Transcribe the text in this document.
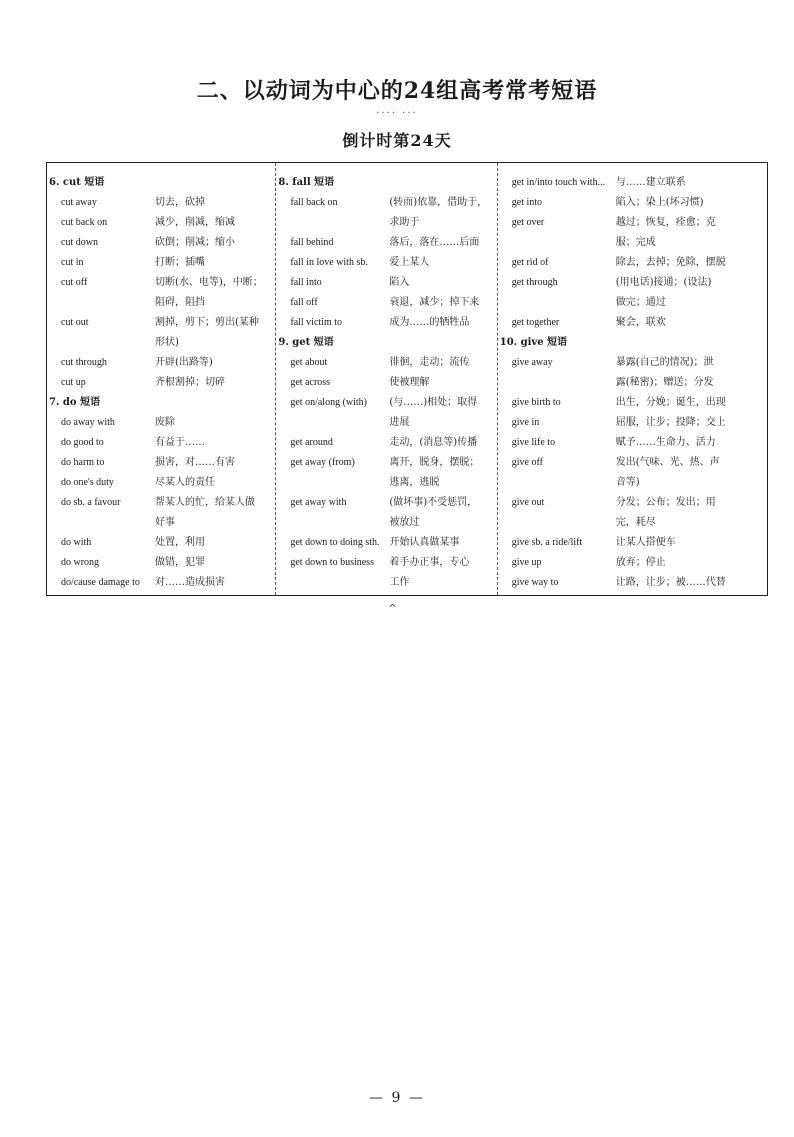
二、以动词为中心的24组高考常考短语
···· ···
倒计时第24天
6. cut 短语
cut away	切去，砍掉
cut back on	减少，削减，缩减
cut down	砍倒；削减；缩小
cut in	打断；插嘴
cut off	切断(水、电等)，中断；
阻碍，阻挡
cut out	割掉，剪下；剪出(某种
形状)
cut through	开辟(出路等)
cut up	齐根割掉；切碎
7. do 短语
do away with	废除
do good to	有益于……
do harm to	损害，对……有害
do one's duty	尽某人的责任
do sb. a favour	帮某人的忙，给某人做
好事
do with	处置，利用
do wrong	做错，犯罪
do/cause damage to	对……造成损害
8. fall 短语
fall back on	(转而)依靠，借助于，
求助于
fall behind	落后，落在……后面
fall in love with sb.	爱上某人
fall into	陷入
fall off	衰退，减少；掉下来
fall victim to	成为……的牺牲品
9. get 短语
get about	徘徊，走动；流传
get across	使被理解
get on/along (with)	(与……)相处；取得
进展
get around	走动，(消息等)传播
get away (from)	离开，脱身，摆脱；
逃离，逃脱
get away with	(做坏事)不受惩罚，
被放过
get down to doing sth. 开始认真做某事
get down to business	着手办正事，专心
工作
get in/into touch with...	与……建立联系
get into	陷入；染上(坏习惯)
get over	越过；恢复，痊愈；克
服；完成
get rid of	除去，去掉；免除，摆脱
get through	(用电话)接通；(设法)
做完；通过
get together	聚会，联欢
10. give 短语
give away	暴露(自己的情况)；泄
露(秘密)；赠送；分发
give birth to	出生，分娩；诞生，出现
give in	屈服，让步；投降；交上
give life to	赋予……生命力、活力
give off	发出(气味、光、热、声
音等)
give out	分发；公布；发出；用
完，耗尽
give sb. a ride/lift	让某人搭便车
give up	放弃；停止
give way to	让路，让步；被……代替
^
— 9 —
